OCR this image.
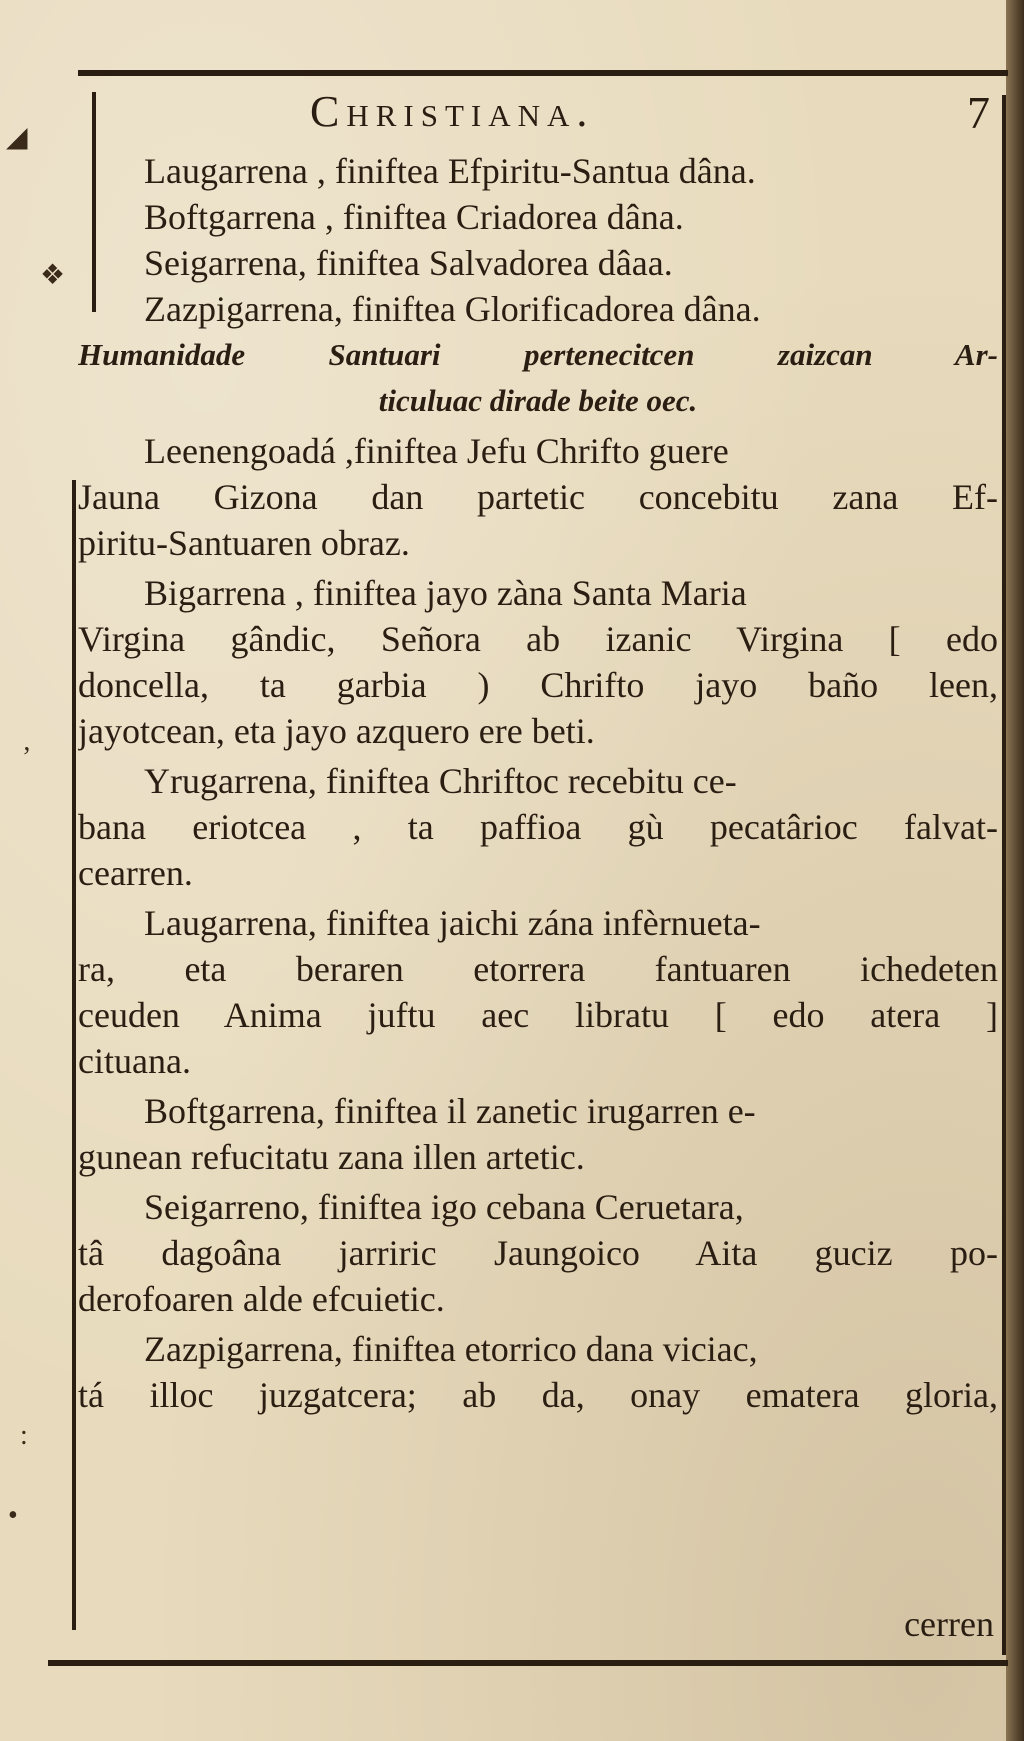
◢
❖
’
:
•
Christiana.	7
Laugarrena , finiftea Efpiritu-Santua dâna.
Boftgarrena , finiftea Criadorea dâna.
Seigarrena, finiftea Salvadorea dâaa.
Zazpigarrena, finiftea Glorificadorea dâna.
Humanidade Santuari pertenecitcen zaizcan Ar-
ticuluac dirade beite oec.
Leenengoadá ,finiftea Jefu Chrifto guere
Jauna Gizona dan partetic concebitu zana Ef-
piritu-Santuaren obraz.
Bigarrena , finiftea jayo zàna Santa Maria
Virgina gândic, Señora ab izanic Virgina [ edo
doncella, ta garbia ) Chrifto jayo baño leen,
jayotcean, eta jayo azquero ere beti.
Yrugarrena, finiftea Chriftoc recebitu ce-
bana eriotcea , ta paffioa gù pecatârioc falvat-
cearren.
Laugarrena, finiftea jaichi zána infèrnueta-
ra, eta beraren etorrera fantuaren ichedeten
ceuden Anima juftu aec libratu [ edo atera ]
cituana.
Boftgarrena, finiftea il zanetic irugarren e-
gunean refucitatu zana illen artetic.
Seigarreno, finiftea igo cebana Ceruetara,
tâ dagoâna jarriric Jaungoico Aita guciz po-
derofoaren alde efcuietic.
Zazpigarrena, finiftea etorrico dana viciac,
tá illoc juzgatcera; ab da, onay ematera gloria,
cerren
